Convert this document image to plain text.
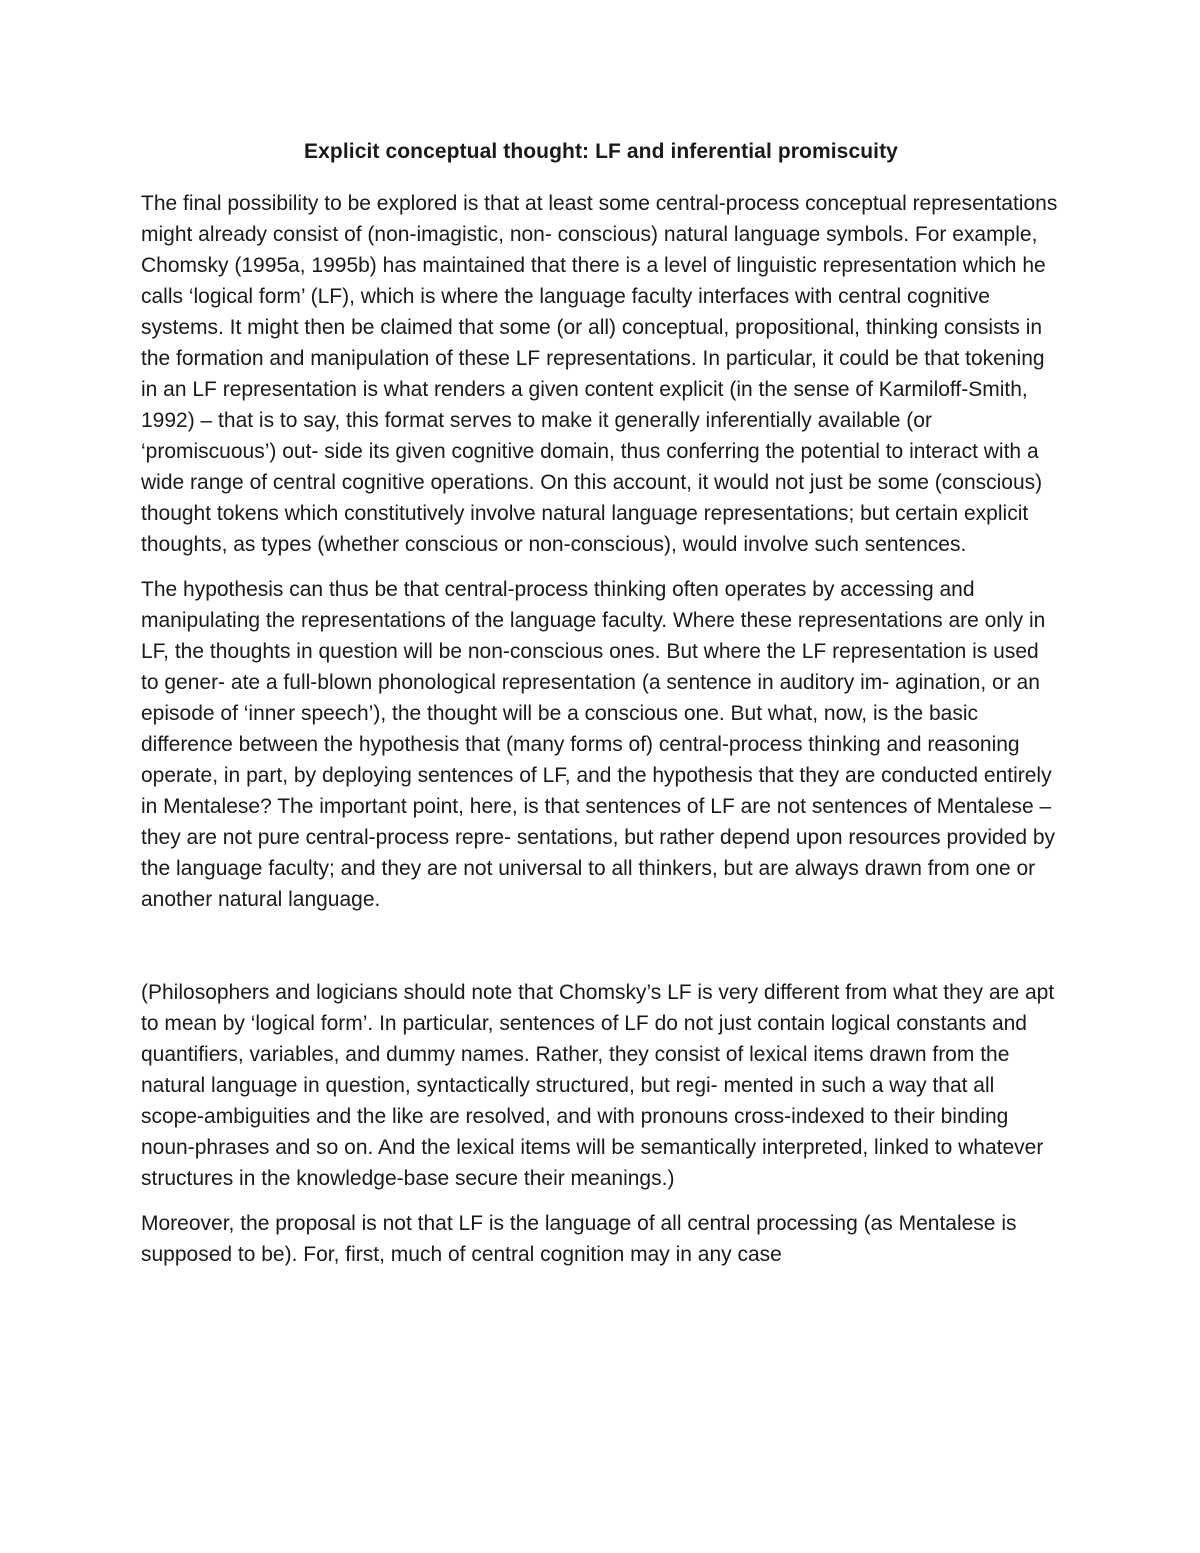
Explicit conceptual thought: LF and inferential promiscuity

The final possibility to be explored is that at least some central-process conceptual representations might already consist of (non-imagistic, non- conscious) natural language symbols. For example, Chomsky (1995a, 1995b) has maintained that there is a level of linguistic representation which he calls ‘logical form’ (LF), which is where the language faculty interfaces with central cognitive systems. It might then be claimed that some (or all) conceptual, propositional, thinking consists in the formation and manipulation of these LF representations. In particular, it could be that tokening in an LF representation is what renders a given content explicit (in the sense of Karmiloff-Smith, 1992) – that is to say, this format serves to make it generally inferentially available (or ‘promiscuous’) out- side its given cognitive domain, thus conferring the potential to interact with a wide range of central cognitive operations. On this account, it would not just be some (conscious) thought tokens which constitutively involve natural language representations; but certain explicit thoughts, as types (whether conscious or non-conscious), would involve such sentences.

The hypothesis can thus be that central-process thinking often operates by accessing and manipulating the representations of the language faculty. Where these representations are only in LF, the thoughts in question will be non-conscious ones. But where the LF representation is used to gener- ate a full-blown phonological representation (a sentence in auditory im- agination, or an episode of ‘inner speech’), the thought will be a conscious one. But what, now, is the basic difference between the hypothesis that (many forms of) central-process thinking and reasoning operate, in part, by deploying sentences of LF, and the hypothesis that they are conducted entirely in Mentalese? The important point, here, is that sentences of LF are not sentences of Mentalese – they are not pure central-process repre- sentations, but rather depend upon resources provided by the language faculty; and they are not universal to all thinkers, but are always drawn from one or another natural language.

(Philosophers and logicians should note that Chomsky’s LF is very different from what they are apt to mean by ‘logical form’. In particular, sentences of LF do not just contain logical constants and quantifiers, variables, and dummy names. Rather, they consist of lexical items drawn from the natural language in question, syntactically structured, but regi- mented in such a way that all scope-ambiguities and the like are resolved, and with pronouns cross-indexed to their binding noun-phrases and so on. And the lexical items will be semantically interpreted, linked to whatever structures in the knowledge-base secure their meanings.)

Moreover, the proposal is not that LF is the language of all central processing (as Mentalese is supposed to be). For, first, much of central cognition may in any case
